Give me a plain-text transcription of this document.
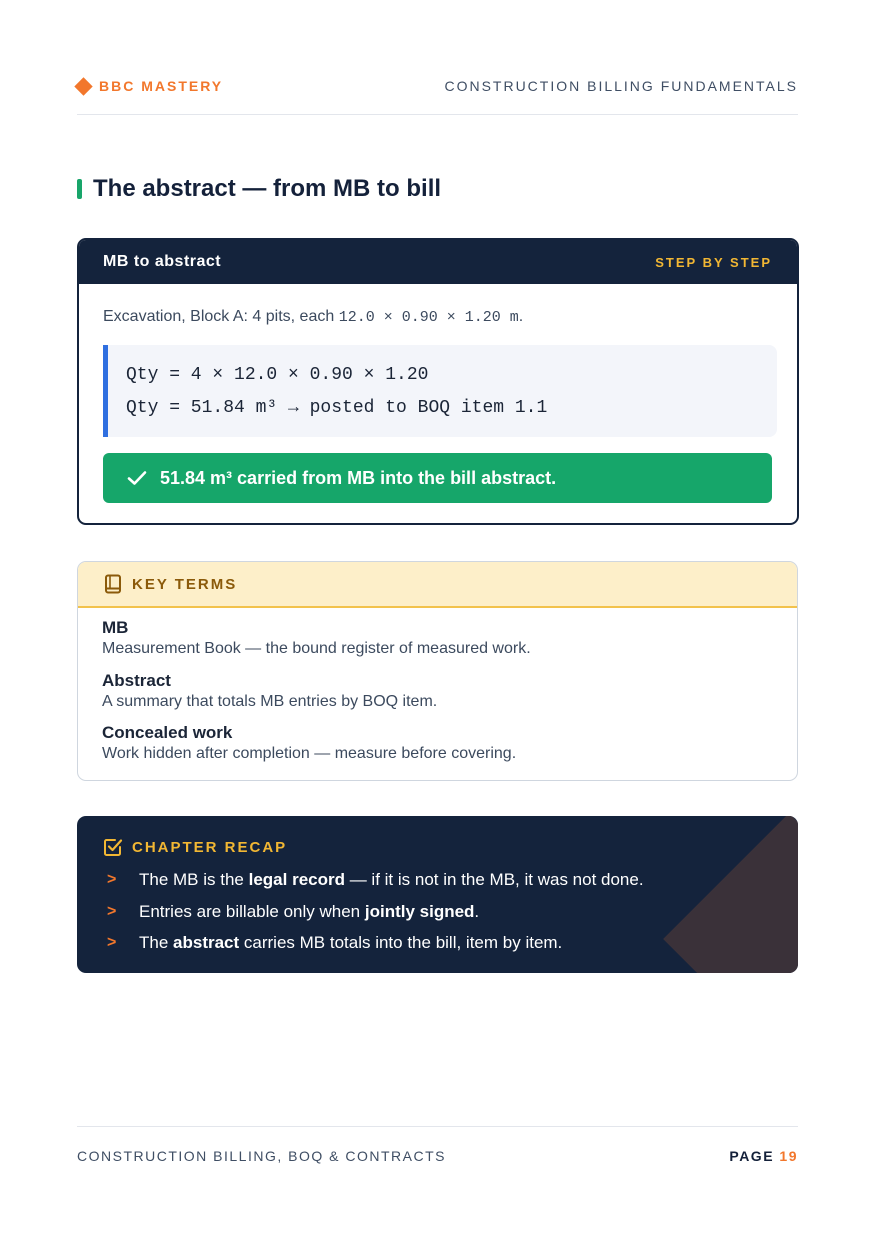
BBC MASTERY	CONSTRUCTION BILLING FUNDAMENTALS
The abstract — from MB to bill
MB to abstract	STEP BY STEP
Excavation, Block A: 4 pits, each 12.0 × 0.90 × 1.20 m.
Qty = 4 × 12.0 × 0.90 × 1.20
Qty = 51.84 m³ → posted to BOQ item 1.1
51.84 m³ carried from MB into the bill abstract.
KEY TERMS
MB
Measurement Book — the bound register of measured work.
Abstract
A summary that totals MB entries by BOQ item.
Concealed work
Work hidden after completion — measure before covering.
CHAPTER RECAP
>	The MB is the legal record — if it is not in the MB, it was not done.
>	Entries are billable only when jointly signed.
>	The abstract carries MB totals into the bill, item by item.
CONSTRUCTION BILLING, BOQ & CONTRACTS	PAGE 19
